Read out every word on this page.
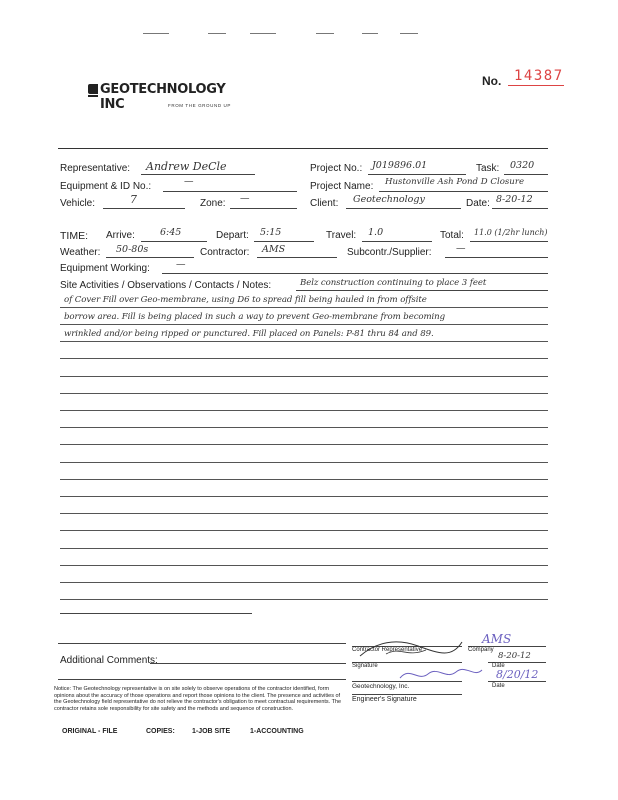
GEOTECHNOLOGY INC	FROM THE GROUND UP
No. 14387
Representative: Andrew DeCle
Equipment & ID No.:	—
Vehicle:	7	Zone: —
Project No.: J019896.01	Task: 0320
Project Name: Hustonville Ash Pond D Closure
Client: Geotechnology	Date: 8-20-12
TIME: Arrive:	6:45	Depart: 5:15	Travel: 1.0	Total: 11.0 (1/2hr lunch)
Weather: 50-80s	Contractor: AMS	Subcontr./Supplier:	—
Equipment Working:	—
Site Activities / Observations / Contacts / Notes:	Belz construction continuing to place 3 feet
of Cover Fill over Geo-membrane, using D6 to spread fill being hauled in from offsite
borrow area. Fill is being placed in such a way to prevent Geo-membrane from becoming
wrinkled and/or being ripped or punctured. Fill placed on Panels: P-81 thru 84 and 89.
Additional Comments:
Contractor Representative	Company
AMS
Signature
8-20-12
Date
8/20/12
Geotechnology, Inc.
Engineer's Signature
Date
Notice: The Geotechnology representative is on site solely to observe operations of the contractor identified, form opinions about the accuracy of those operations and report those opinions to the client. The presence and activities of the Geotechnology field representative do not relieve the contractor's obligation to meet contractual requirements. The contractor retains sole responsibility for site safety and the methods and sequence of construction.
ORIGINAL - FILE	COPIES: 1-JOB SITE	1-ACCOUNTING
